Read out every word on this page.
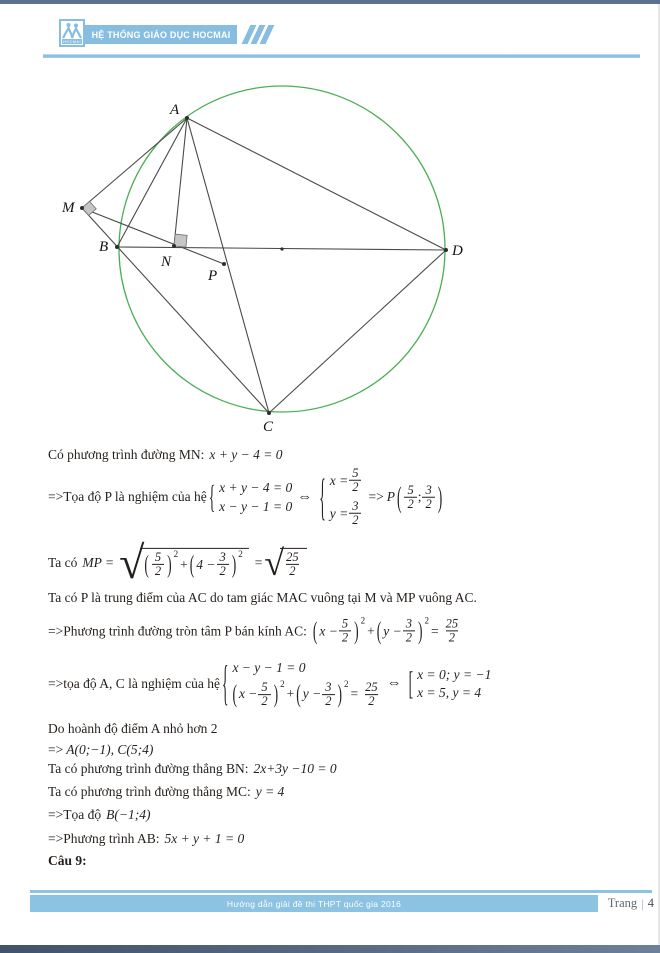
HOCMAI
HỆ THỐNG GIÁO DỤC HOCMAI
A
M
B
N
P
D
C
Có phương trình đường MN: x + y − 4 = 0
=>Tọa độ P là nghiệm của hệ { x + y − 4 = 0
x − y − 1 = 0
⇔ { $x = \frac{5}{2}$
$y = \frac{3}{2}$
=> P ( $\frac{5}{2}$ ; $\frac{3}{2}$ )
Ta có MP = √ ( $\frac{5}{2}$ ) 2
+ ( $4 - \frac{3}{2}$ ) 2
= √ $\frac{25}{2}$
Ta có P là trung điểm của AC do tam giác MAC vuông tại M và MP vuông AC.
=>Phương trình đường tròn tâm P bán kính AC: ( $x - \frac{5}{2}$ ) 2
+ ( $y - \frac{3}{2}$ ) 2
= $\frac{25}{2}$
=>tọa độ A, C là nghiệm của hệ { x − y − 1 = 0
( $x - \frac{5}{2}$ ) 2
+ ( $y - \frac{3}{2}$ ) 2
= $\frac{25}{2}$ ⇔ [ x = 0; y = −1
x = 5, y = 4
Do hoành độ điểm A nhỏ hơn 2
=> A(0;−1), C(5;4)
Ta có phương trình đường thẳng BN: 2x+3y −10 = 0
Ta có phương trình đường thẳng MC: y = 4
=>Tọa độ B(−1;4)
=>Phương trình AB: 5x + y + 1 = 0
Câu 9:
Hướng dẫn giải đề thi THPT quốc gia 2016	Trang | 4
